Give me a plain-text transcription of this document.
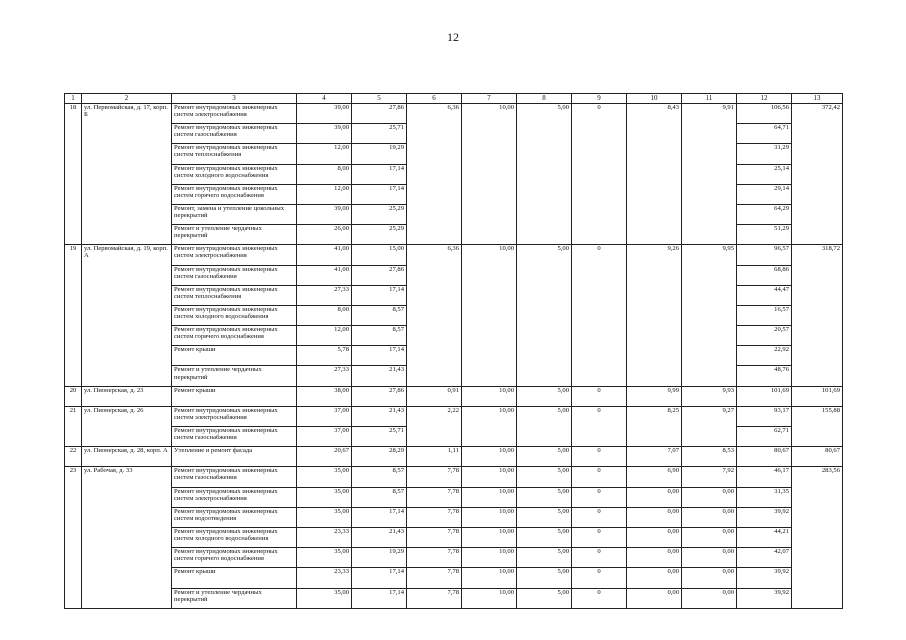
12
1	2	3	4	5	6	7	8	9	10	11	12	13
18	ул. Первомайская, д. 17, корп. Б	Ремонт внутридомовых инженерных систем электроснабжения	39,00	27,86	6,36	10,00	5,00	0	8,43	9,91	106,56	372,42
		Ремонт внутридомовых инженерных систем газоснабжения	39,00	25,71							64,71	
		Ремонт внутридомовых инженерных систем теплоснабжения	12,00	19,29							31,29	
		Ремонт внутридомовых инженерных систем холодного водоснабжения	8,00	17,14							25,14	
		Ремонт внутридомовых инженерных систем горячего водоснабжения	12,00	17,14							29,14	
		Ремонт, замена и утепление цокольных перекрытий	39,00	25,29							64,29	
		Ремонт и утепление чердачных перекрытий	26,00	25,29							51,29	
19	ул. Первомайская, д. 19, корп. А	Ремонт внутридомовых инженерных систем электроснабжения	41,00	15,00	6,36	10,00	5,00	0	9,26	9,95	96,57	318,72
		Ремонт внутридомовых инженерных систем газоснабжения	41,00	27,86							68,86	
		Ремонт внутридомовых инженерных систем теплоснабжения	27,33	17,14							44,47	
		Ремонт внутридомовых инженерных систем холодного водоснабжения	8,00	8,57							16,57	
		Ремонт внутридомовых инженерных систем горячего водоснабжения	12,00	8,57							20,57	
		Ремонт крыши	5,78	17,14							22,92	
		Ремонт и утепление чердачных перекрытий	27,33	21,43							48,76	
20	ул. Пионерская, д. 23	Ремонт крыши	38,00	27,86	0,91	10,00	5,00	0	9,99	9,93	101,69	101,69
21	ул. Пионерская, д. 26	Ремонт внутридомовых инженерных систем электроснабжения	37,00	21,43	2,22	10,00	5,00	0	8,25	9,27	93,17	155,88
		Ремонт внутридомовых инженерных систем газоснабжения	37,00	25,71							62,71	
22	ул. Пионерская, д. 28, корп. А	Утепление и ремонт фасада	20,67	28,29	1,11	10,00	5,00	0	7,07	8,53	80,67	80,67
23	ул. Рабочая, д. 33	Ремонт внутридомовых инженерных систем газоснабжения	35,00	8,57	7,78	10,00	5,00	0	6,90	7,92	46,17	283,56
		Ремонт внутридомовых инженерных систем электроснабжения	35,00	8,57	7,78	10,00	5,00	0	0,00	0,00	31,35	
		Ремонт внутридомовых инженерных систем водоотведения	35,00	17,14	7,78	10,00	5,00	0	0,00	0,00	39,92	
		Ремонт внутридомовых инженерных систем холодного водоснабжения	23,33	21,43	7,78	10,00	5,00	0	0,00	0,00	44,21	
		Ремонт внутридомовых инженерных систем горячего водоснабжения	35,00	19,29	7,78	10,00	5,00	0	0,00	0,00	42,07	
		Ремонт крыши	23,33	17,14	7,78	10,00	5,00	0	0,00	0,00	39,92	
		Ремонт и утепление чердачных перекрытий	35,00	17,14	7,78	10,00	5,00	0	0,00	0,00	39,92	
